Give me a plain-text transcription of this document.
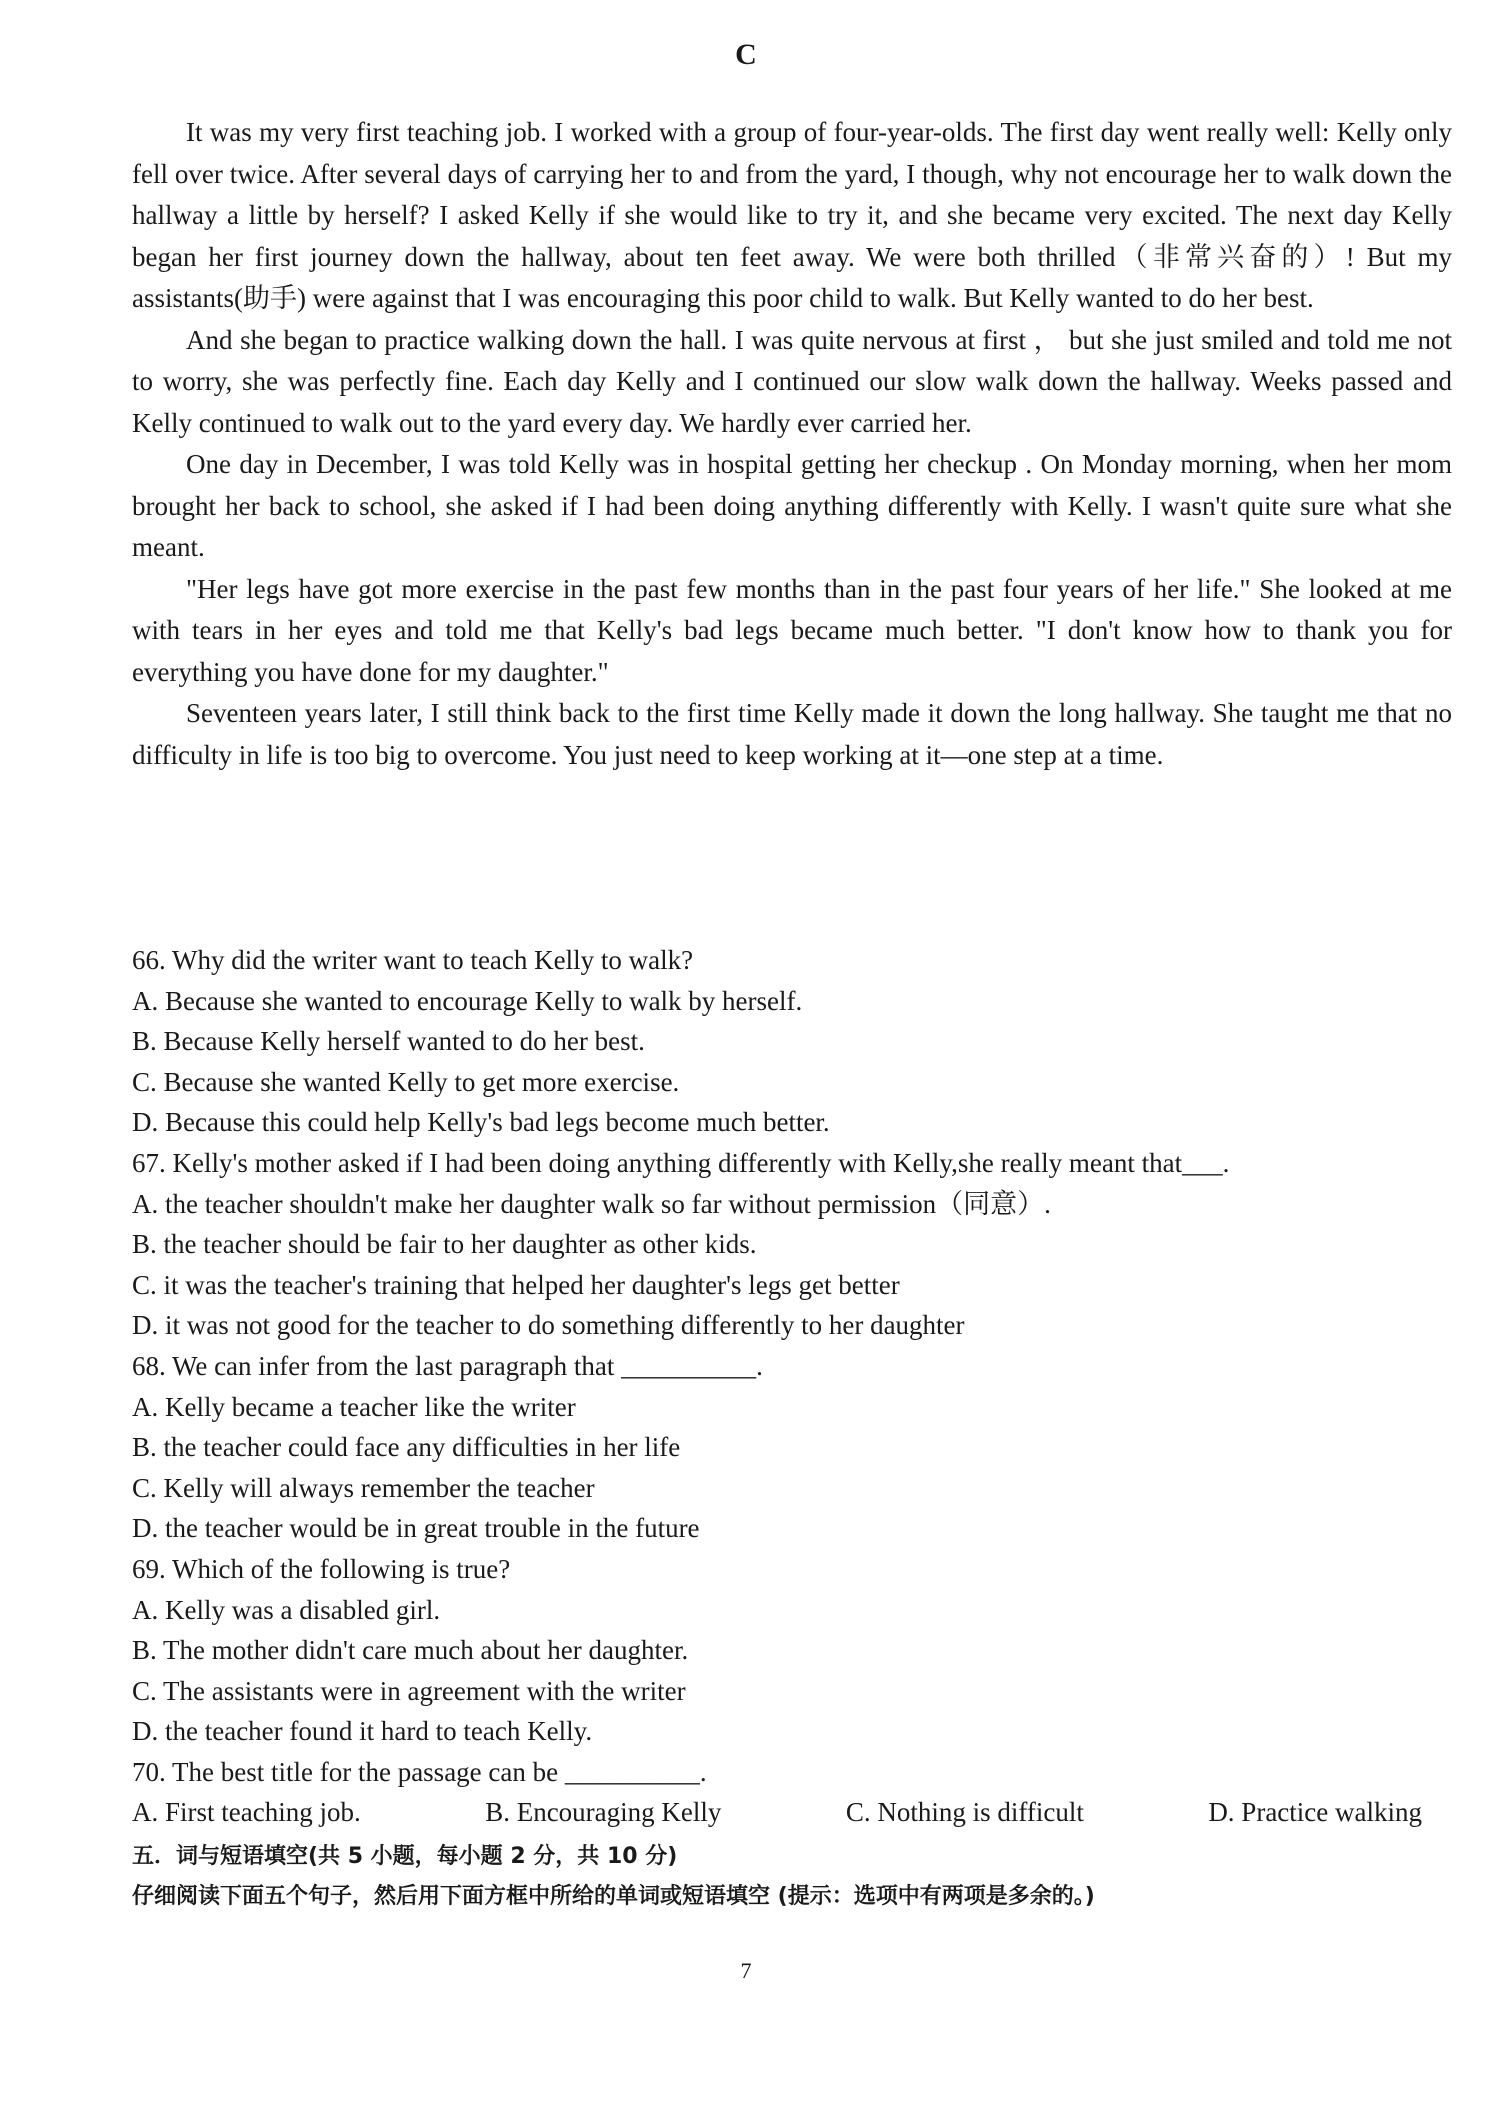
C

It was my very first teaching job. I worked with a group of four-year-olds. The first day went really well: Kelly only fell over twice. After several days of carrying her to and from the yard, I though, why not encourage her to walk down the hallway a little by herself? I asked Kelly if she would like to try it, and she became very excited. The next day Kelly began her first journey down the hallway, about ten feet away. We were both thrilled（非常兴奋的）! But my assistants(助手) were against that I was encouraging this poor child to walk. But Kelly wanted to do her best.

And she began to practice walking down the hall. I was quite nervous at first ， but she just smiled and told me not to worry, she was perfectly fine. Each day Kelly and I continued our slow walk down the hallway. Weeks passed and Kelly continued to walk out to the yard every day. We hardly ever carried her.

One day in December, I was told Kelly was in hospital getting her checkup . On Monday morning, when her mom brought her back to school, she asked if I had been doing anything differently with Kelly. I wasn't quite sure what she meant.

"Her legs have got more exercise in the past few months than in the past four years of her life." She looked at me with tears in her eyes and told me that Kelly's bad legs became much better. "I don't know how to thank you for everything you have done for my daughter."

Seventeen years later, I still think back to the first time Kelly made it down the long hallway. She taught me that no difficulty in life is too big to overcome. You just need to keep working at it—one step at a time.

66. Why did the writer want to teach Kelly to walk?
A. Because she wanted to encourage Kelly to walk by herself.
B. Because Kelly herself wanted to do her best.
C. Because she wanted Kelly to get more exercise.
D. Because this could help Kelly's bad legs become much better.
67. Kelly's mother asked if I had been doing anything differently with Kelly,she really meant that___.
A. the teacher shouldn't make her daughter walk so far without permission（同意）.
B. the teacher should be fair to her daughter as other kids.
C. it was the teacher's training that helped her daughter's legs get better
D. it was not good for the teacher to do something differently to her daughter
68. We can infer from the last paragraph that __________.
A. Kelly became a teacher like the writer
B. the teacher could face any difficulties in her life
C. Kelly will always remember the teacher
D. the teacher would be in great trouble in the future
69. Which of the following is true?
A. Kelly was a disabled girl.
B. The mother didn't care much about her daughter.
C. The assistants were in agreement with the writer
D. the teacher found it hard to teach Kelly.
70. The best title for the passage can be __________.
A. First teaching job.	B. Encouraging Kelly	C. Nothing is difficult	D. Practice walking
五．词与短语填空(共 5 小题，每小题 2 分，共 10 分)
仔细阅读下面五个句子，然后用下面方框中所给的单词或短语填空 (提示：选项中有两项是多余的。)
7
